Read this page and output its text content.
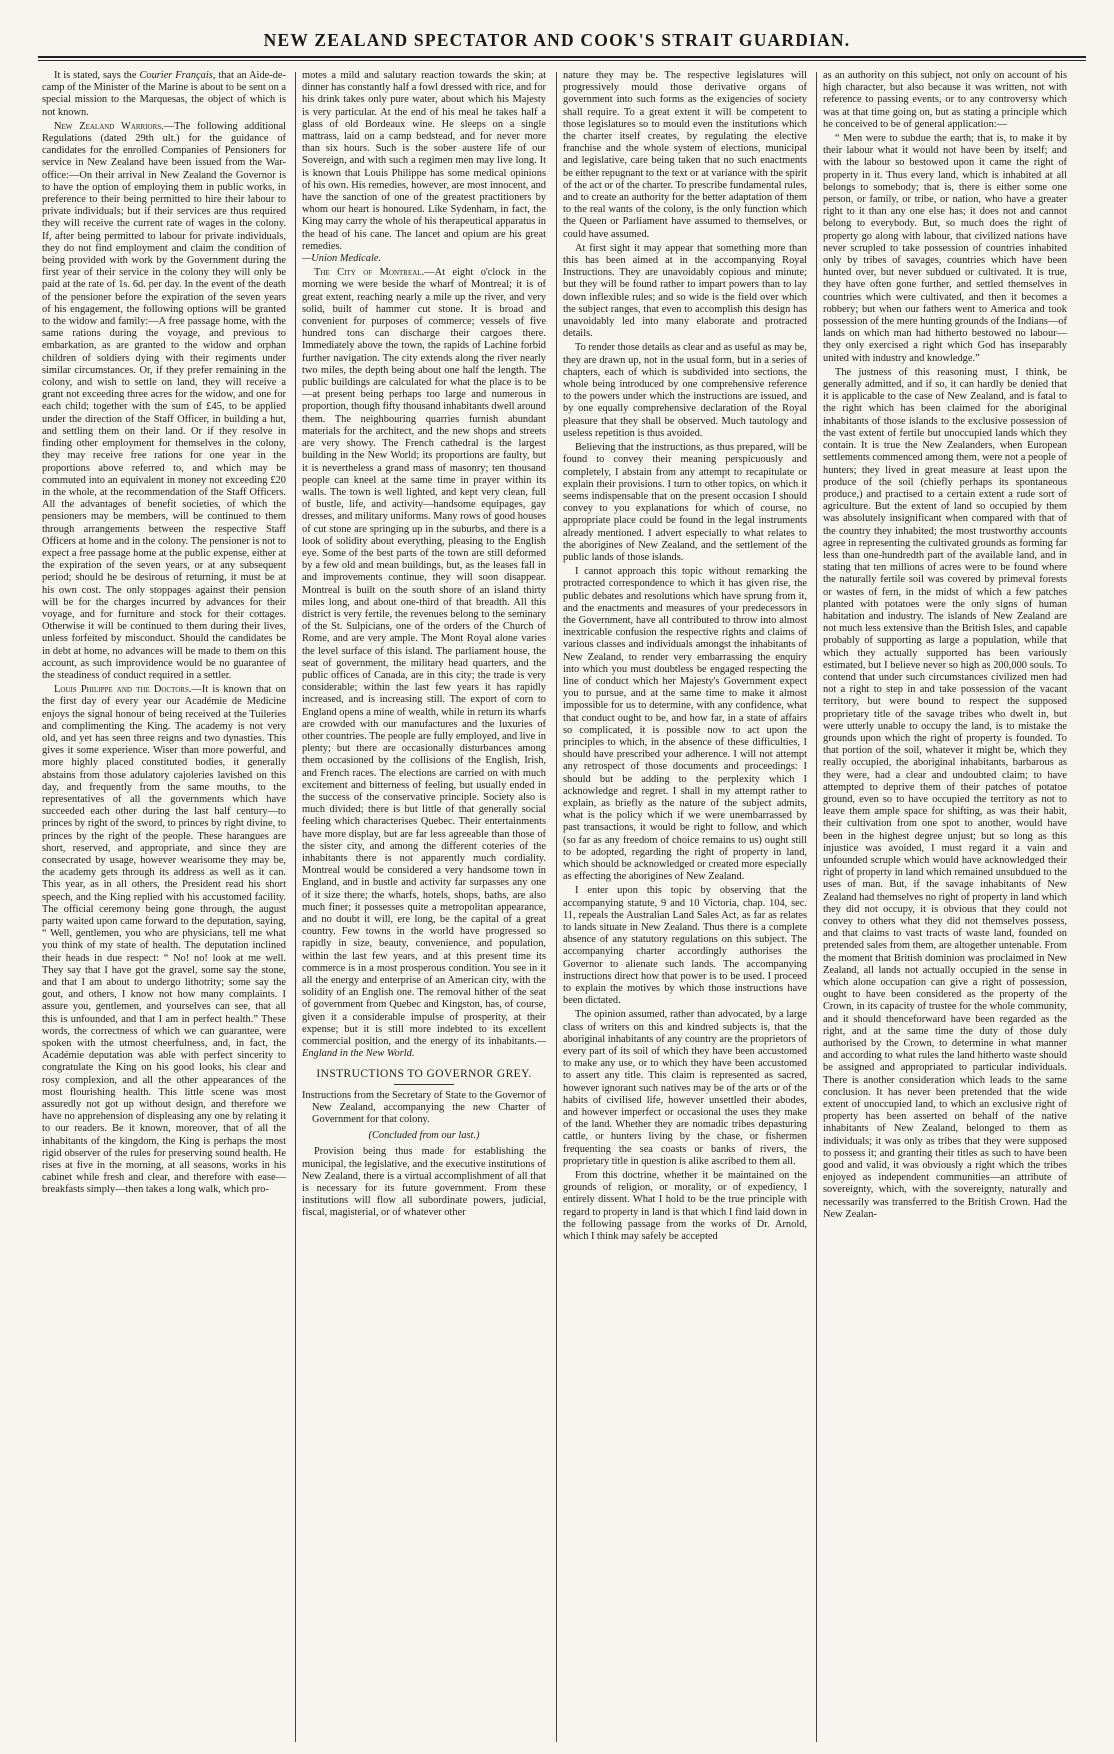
NEW ZEALAND SPECTATOR AND COOK'S STRAIT GUARDIAN.

It is stated, says the Courier Français, that an Aide-de-camp of the Minister of the Marine is about to be sent on a special mission to the Marquesas, the object of which is not known.

New Zealand Warriors.—The following additional Regulations (dated 29th ult.) for the guidance of candidates for the enrolled Companies of Pensioners for service in New Zealand have been issued from the War-office:—On their arrival in New Zealand the Governor is to have the option of employing them in public works, in preference to their being permitted to hire their labour to private individuals; but if their services are thus required they will receive the current rate of wages in the colony. If, after being permitted to labour for private individuals, they do not find employment and claim the condition of being provided with work by the Government during the first year of their service in the colony they will only be paid at the rate of 1s. 6d. per day. In the event of the death of the pensioner before the expiration of the seven years of his engagement, the following options will be granted to the widow and family:—A free passage home, with the same rations during the voyage, and previous to embarkation, as are granted to the widow and orphan children of soldiers dying with their regiments under similar circumstances. Or, if they prefer remaining in the colony, and wish to settle on land, they will receive a grant not exceeding three acres for the widow, and one for each child; together with the sum of £45, to be applied under the direction of the Staff Officer, in building a hut, and settling them on their land. Or if they resolve in finding other employment for themselves in the colony, they may receive free rations for one year in the proportions above referred to, and which may be commuted into an equivalent in money not exceeding £20 in the whole, at the recommendation of the Staff Officers. All the advantages of benefit societies, of which the pensioners may be members, will be continued to them through arrangements between the respective Staff Officers at home and in the colony. The pensioner is not to expect a free passage home at the public expense, either at the expiration of the seven years, or at any subsequent period; should he be desirous of returning, it must be at his own cost. The only stoppages against their pension will be for the charges incurred by advances for their voyage, and for furniture and stock for their cottages. Otherwise it will be continued to them during their lives, unless forfeited by misconduct. Should the candidates be in debt at home, no advances will be made to them on this account, as such improvidence would be no guarantee of the steadiness of conduct required in a settler.

Louis Philippe and the Doctors.—It is known that on the first day of every year our Académie de Medicine enjoys the signal honour of being received at the Tuileries and complimenting the King. The academy is not very old, and yet has seen three reigns and two dynasties. This gives it some experience. Wiser than more powerful, and more highly placed constituted bodies, it generally abstains from those adulatory cajoleries lavished on this day, and frequently from the same mouths, to the representatives of all the governments which have succeeded each other during the last half century—to princes by right of the sword, to princes by right divine, to princes by the right of the people. These harangues are short, reserved, and appropriate, and since they are consecrated by usage, however wearisome they may be, the academy gets through its address as well as it can. This year, as in all others, the President read his short speech, and the King replied with his accustomed facility. The official ceremony being gone through, the august party waited upon came forward to the deputation, saying, “ Well, gentlemen, you who are physicians, tell me what you think of my state of health. The deputation inclined their heads in due respect: “ No! no! look at me well. They say that I have got the gravel, some say the stone, and that I am about to undergo lithotrity; some say the gout, and others, I know not how many complaints. I assure you, gentlemen, and yourselves can see, that all this is unfounded, and that I am in perfect health.” These words, the correctness of which we can guarantee, were spoken with the utmost cheerfulness, and, in fact, the Académie deputation was able with perfect sincerity to congratulate the King on his good looks, his clear and rosy complexion, and all the other appearances of the most flourishing health. This little scene was most assuredly not got up without design, and therefore we have no apprehension of displeasing any one by relating it to our readers. Be it known, moreover, that of all the inhabitants of the kingdom, the King is perhaps the most rigid observer of the rules for preserving sound health. He rises at five in the morning, at all seasons, works in his cabinet while fresh and clear, and therefore with ease—breakfasts simply—then takes a long walk, which pro-

motes a mild and salutary reaction towards the skin; at dinner has constantly half a fowl dressed with rice, and for his drink takes only pure water, about which his Majesty is very particular. At the end of his meal he takes half a glass of old Bordeaux wine. He sleeps on a single mattrass, laid on a camp bedstead, and for never more than six hours. Such is the sober austere life of our Sovereign, and with such a regimen men may live long. It is known that Louis Philippe has some medical opinions of his own. His remedies, however, are most innocent, and have the sanction of one of the greatest practitioners by whom our heart is honoured. Like Sydenham, in fact, the King may carry the whole of his therapeutical apparatus in the head of his cane. The lancet and opium are his great remedies.
—Union Medicale.

The City of Montreal.—At eight o'clock in the morning we were beside the wharf of Montreal; it is of great extent, reaching nearly a mile up the river, and very solid, built of hammer cut stone. It is broad and convenient for purposes of commerce; vessels of five hundred tons can discharge their cargoes there. Immediately above the town, the rapids of Lachine forbid further navigation. The city extends along the river nearly two miles, the depth being about one half the length. The public buildings are calculated for what the place is to be—at present being perhaps too large and numerous in proportion, though fifty thousand inhabitants dwell around them. The neighbouring quarries furnish abundant materials for the architect, and the new shops and streets are very showy. The French cathedral is the largest building in the New World; its proportions are faulty, but it is nevertheless a grand mass of masonry; ten thousand people can kneel at the same time in prayer within its walls. The town is well lighted, and kept very clean, full of bustle, life, and activity—handsome equipages, gay dresses, and military uniforms. Many rows of good houses of cut stone are springing up in the suburbs, and there is a look of solidity about everything, pleasing to the English eye. Some of the best parts of the town are still deformed by a few old and mean buildings, but, as the leases fall in and improvements continue, they will soon disappear. Montreal is built on the south shore of an island thirty miles long, and about one-third of that breadth. All this district is very fertile, the revenues belong to the seminary of the St. Sulpicians, one of the orders of the Church of Rome, and are very ample. The Mont Royal alone varies the level surface of this island. The parliament house, the seat of government, the military head quarters, and the public offices of Canada, are in this city; the trade is very considerable; within the last few years it has rapidly increased, and is increasing still. The export of corn to England opens a mine of wealth, while in return its wharfs are crowded with our manufactures and the luxuries of other countries. The people are fully employed, and live in plenty; but there are occasionally disturbances among them occasioned by the collisions of the English, Irish, and French races. The elections are carried on with much excitement and bitterness of feeling, but usually ended in the success of the conservative principle. Society also is much divided; there is but little of that generally social feeling which characterises Quebec. Their entertainments have more display, but are far less agreeable than those of the sister city, and among the different coteries of the inhabitants there is not apparently much cordiality. Montreal would be considered a very handsome town in England, and in bustle and activity far surpasses any one of it size there; the wharfs, hotels, shops, baths, are also much finer; it possesses quite a metropolitan appearance, and no doubt it will, ere long, be the capital of a great country. Few towns in the world have progressed so rapidly in size, beauty, convenience, and population, within the last few years, and at this present time its commerce is in a most prosperous condition. You see in it all the energy and enterprise of an American city, with the solidity of an English one. The removal hither of the seat of government from Quebec and Kingston, has, of course, given it a considerable impulse of prosperity, at their expense; but it is still more indebted to its excellent commercial position, and the energy of its inhabitants.—England in the New World.

INSTRUCTIONS TO GOVERNOR GREY.

Instructions from the Secretary of State to the Governor of New Zealand, accompanying the new Charter of Government for that colony.

(Concluded from our last.)

Provision being thus made for establishing the municipal, the legislative, and the executive institutions of New Zealand, there is a virtual accomplishment of all that is necessary for its future government. From these institutions will flow all subordinate powers, judicial, fiscal, magisterial, or of whatever other

nature they may be. The respective legislatures will progressively mould those derivative organs of government into such forms as the exigencies of society shall require. To a great extent it will be competent to those legislatures so to mould even the institutions which the charter itself creates, by regulating the elective franchise and the whole system of elections, municipal and legislative, care being taken that no such enactments be either repugnant to the text or at variance with the spirit of the act or of the charter. To prescribe fundamental rules, and to create an authority for the better adaptation of them to the real wants of the colony, is the only function which the Queen or Parliament have assumed to themselves, or could have assumed.

At first sight it may appear that something more than this has been aimed at in the accompanying Royal Instructions. They are unavoidably copious and minute; but they will be found rather to impart powers than to lay down inflexible rules; and so wide is the field over which the subject ranges, that even to accomplish this design has unavoidably led into many elaborate and protracted details.

To render those details as clear and as useful as may be, they are drawn up, not in the usual form, but in a series of chapters, each of which is subdivided into sections, the whole being introduced by one comprehensive reference to the powers under which the instructions are issued, and by one equally comprehensive declaration of the Royal pleasure that they shall be observed. Much tautology and useless repetition is thus avoided.

Believing that the instructions, as thus prepared, will be found to convey their meaning perspicuously and completely, I abstain from any attempt to recapitulate or explain their provisions. I turn to other topics, on which it seems indispensable that on the present occasion I should convey to you explanations for which of course, no appropriate place could be found in the legal instruments already mentioned. I advert especially to what relates to the aborigines of New Zealand, and the settlement of the public lands of those islands.

I cannot approach this topic without remarking the protracted correspondence to which it has given rise, the public debates and resolutions which have sprung from it, and the enactments and measures of your predecessors in the Government, have all contributed to throw into almost inextricable confusion the respective rights and claims of various classes and individuals amongst the inhabitants of New Zealand, to render very embarrassing the enquiry into which you must doubtless be engaged respecting the line of conduct which her Majesty's Government expect you to pursue, and at the same time to make it almost impossible for us to determine, with any confidence, what that conduct ought to be, and how far, in a state of affairs so complicated, it is possible now to act upon the principles to which, in the absence of these difficulties, I should have prescribed your adherence. I will not attempt any retrospect of those documents and proceedings: I should but be adding to the perplexity which I acknowledge and regret. I shall in my attempt rather to explain, as briefly as the nature of the subject admits, what is the policy which if we were unembarrassed by past transactions, it would be right to follow, and which (so far as any freedom of choice remains to us) ought still to be adopted, regarding the right of property in land, which should be acknowledged or created more especially as effecting the aborigines of New Zealand.

I enter upon this topic by observing that the accompanying statute, 9 and 10 Victoria, chap. 104, sec. 11, repeals the Australian Land Sales Act, as far as relates to lands situate in New Zealand. Thus there is a complete absence of any statutory regulations on this subject. The accompanying charter accordingly authorises the Governor to alienate such lands. The accompanying instructions direct how that power is to be used. I proceed to explain the motives by which those instructions have been dictated.

The opinion assumed, rather than advocated, by a large class of writers on this and kindred subjects is, that the aboriginal inhabitants of any country are the proprietors of every part of its soil of which they have been accustomed to make any use, or to which they have been accustomed to assert any title. This claim is represented as sacred, however ignorant such natives may be of the arts or of the habits of civilised life, however unsettled their abodes, and however imperfect or occasional the uses they make of the land. Whether they are nomadic tribes depasturing cattle, or hunters living by the chase, or fishermen frequenting the sea coasts or banks of rivers, the proprietary title in question is alike ascribed to them all.

From this doctrine, whether it be maintained on the grounds of religion, or morality, or of expediency, I entirely dissent. What I hold to be the true principle with regard to property in land is that which I find laid down in the following passage from the works of Dr. Arnold, which I think may safely be accepted

as an authority on this subject, not only on account of his high character, but also because it was written, not with reference to passing events, or to any controversy which was at that time going on, but as stating a principle which he conceived to be of general application:—

“ Men were to subdue the earth; that is, to make it by their labour what it would not have been by itself; and with the labour so bestowed upon it came the right of property in it. Thus every land, which is inhabited at all belongs to somebody; that is, there is either some one person, or family, or tribe, or nation, who have a greater right to it than any one else has; it does not and cannot belong to everybody. But, so much does the right of property go along with labour, that civilized nations have never scrupled to take possession of countries inhabited only by tribes of savages, countries which have been hunted over, but never subdued or cultivated. It is true, they have often gone further, and settled themselves in countries which were cultivated, and then it becomes a robbery; but when our fathers went to America and took possession of the mere hunting grounds of the Indians—of lands on which man had hitherto bestowed no labour—they only exercised a right which God has inseparably united with industry and knowledge.”

The justness of this reasoning must, I think, be generally admitted, and if so, it can hardly be denied that it is applicable to the case of New Zealand, and is fatal to the right which has been claimed for the aboriginal inhabitants of those islands to the exclusive possession of the vast extent of fertile but unoccupied lands which they contain. It is true the New Zealanders, when European settlements commenced among them, were not a people of hunters; they lived in great measure at least upon the produce of the soil (chiefly perhaps its spontaneous produce,) and practised to a certain extent a rude sort of agriculture. But the extent of land so occupied by them was absolutely insignificant when compared with that of the country they inhabited; the most trustworthy accounts agree in representing the cultivated grounds as forming far less than one-hundredth part of the available land, and in stating that ten millions of acres were to be found where the naturally fertile soil was covered by primeval forests or wastes of fern, in the midst of which a few patches planted with potatoes were the only signs of human habitation and industry. The islands of New Zealand are not much less extensive than the British Isles, and capable probably of supporting as large a population, while that which they actually supported has been variously estimated, but I believe never so high as 200,000 souls. To contend that under such circumstances civilized men had not a right to step in and take possession of the vacant territory, but were bound to respect the supposed proprietary title of the savage tribes who dwelt in, but were utterly unable to occupy the land, is to mistake the grounds upon which the right of property is founded. To that portion of the soil, whatever it might be, which they really occupied, the aboriginal inhabitants, barbarous as they were, had a clear and undoubted claim; to have attempted to deprive them of their patches of potatoe ground, even so to have occupied the territory as not to leave them ample space for shifting, as was their habit, their cultivation from one spot to another, would have been in the highest degree unjust; but so long as this injustice was avoided, I must regard it a vain and unfounded scruple which would have acknowledged their right of property in land which remained unsubdued to the uses of man. But, if the savage inhabitants of New Zealand had themselves no right of property in land which they did not occupy, it is obvious that they could not convey to others what they did not themselves possess, and that claims to vast tracts of waste land, founded on pretended sales from them, are altogether untenable. From the moment that British dominion was proclaimed in New Zealand, all lands not actually occupied in the sense in which alone occupation can give a right of possession, ought to have been considered as the property of the Crown, in its capacity of trustee for the whole community, and it should thenceforward have been regarded as the right, and at the same time the duty of those duly authorised by the Crown, to determine in what manner and according to what rules the land hitherto waste should be assigned and appropriated to particular individuals. There is another consideration which leads to the same conclusion. It has never been pretended that the wide extent of unoccupied land, to which an exclusive right of property has been asserted on behalf of the native inhabitants of New Zealand, belonged to them as individuals; it was only as tribes that they were supposed to possess it; and granting their titles as such to have been good and valid, it was obviously a right which the tribes enjoyed as independent communities—an attribute of sovereignty, which, with the sovereignty, naturally and necessarily was transferred to the British Crown. Had the New Zealan-
